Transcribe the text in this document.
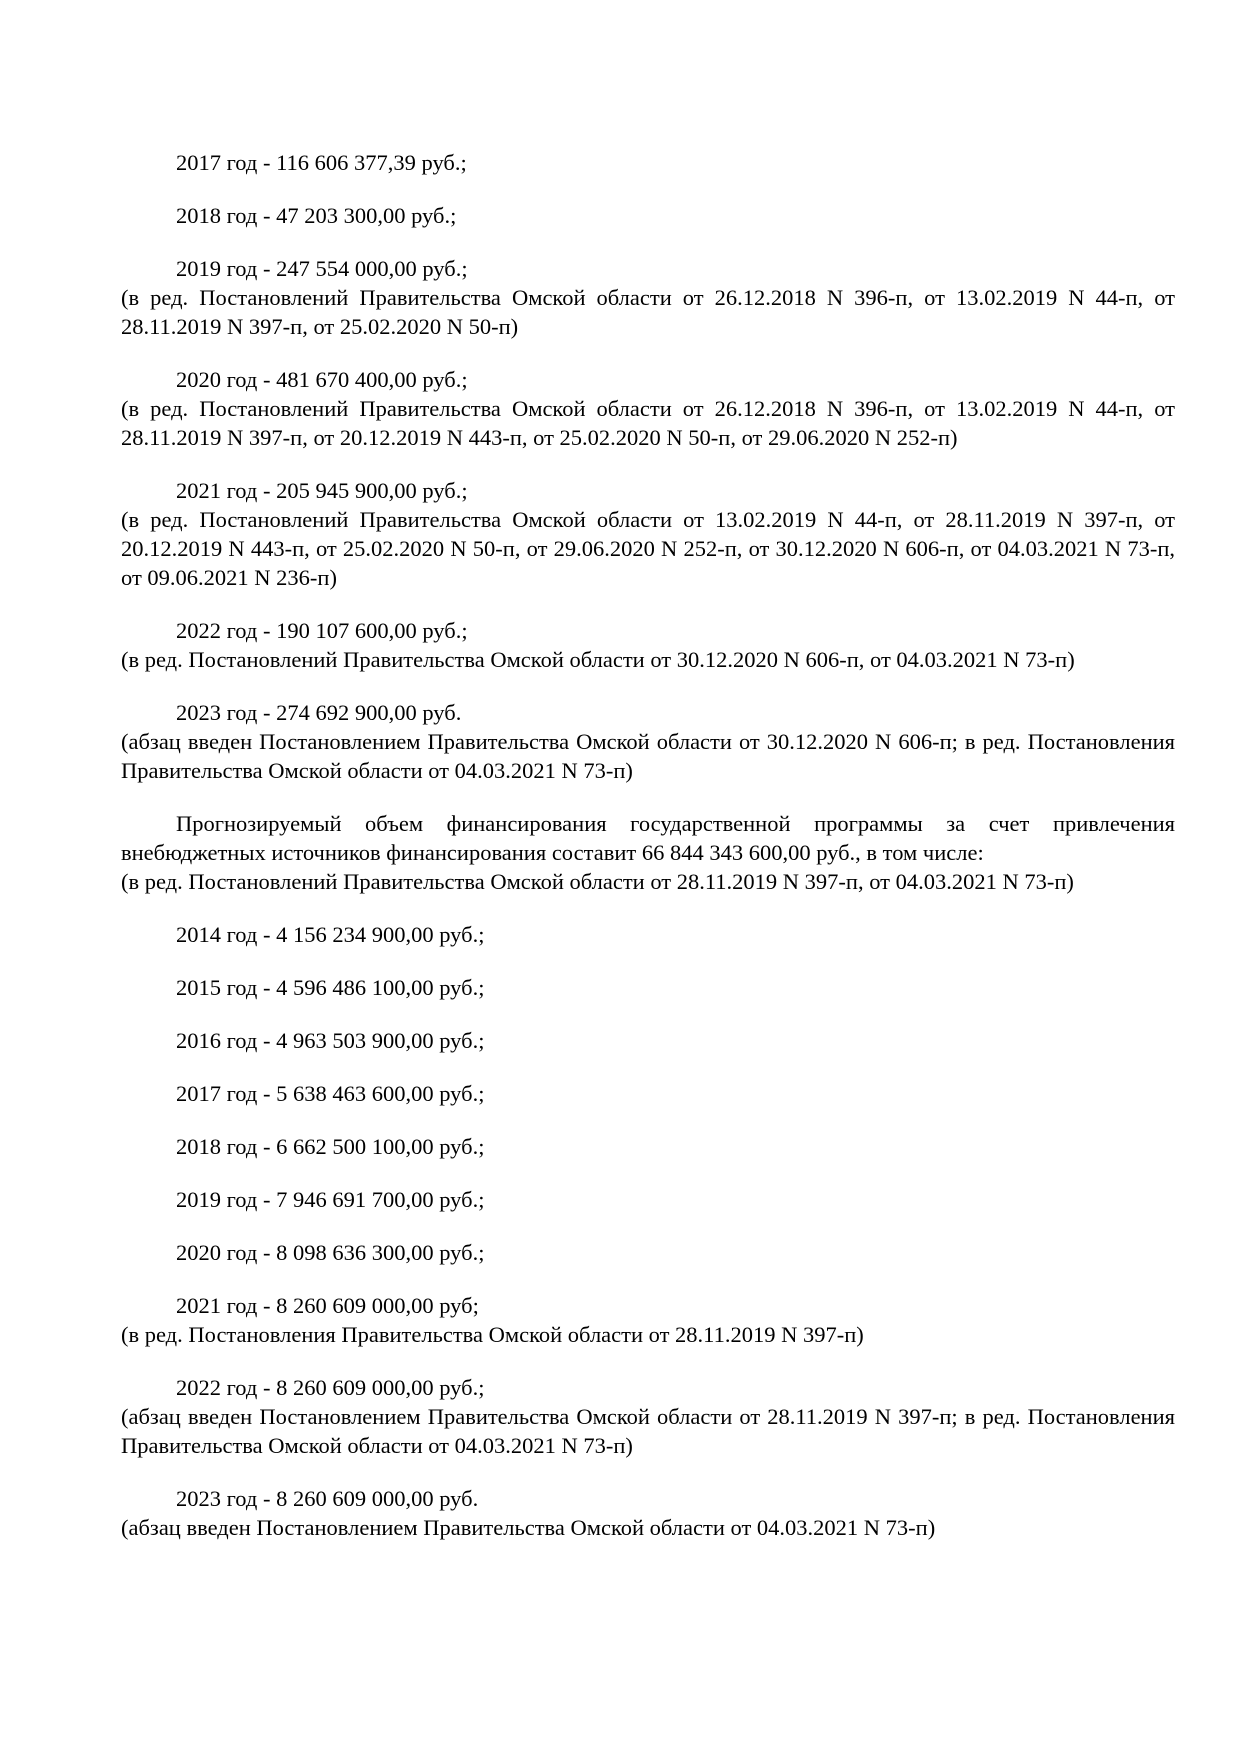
2017 год - 116 606 377,39 руб.;

2018 год - 47 203 300,00 руб.;

2019 год - 247 554 000,00 руб.;

(в ред. Постановлений Правительства Омской области от 26.12.2018 N 396-п, от 13.02.2019 N 44-п, от 28.11.2019 N 397-п, от 25.02.2020 N 50-п)

2020 год - 481 670 400,00 руб.;

(в ред. Постановлений Правительства Омской области от 26.12.2018 N 396-п, от 13.02.2019 N 44-п, от 28.11.2019 N 397-п, от 20.12.2019 N 443-п, от 25.02.2020 N 50-п, от 29.06.2020 N 252-п)

2021 год - 205 945 900,00 руб.;

(в ред. Постановлений Правительства Омской области от 13.02.2019 N 44-п, от 28.11.2019 N 397-п, от 20.12.2019 N 443-п, от 25.02.2020 N 50-п, от 29.06.2020 N 252-п, от 30.12.2020 N 606-п, от 04.03.2021 N 73-п, от 09.06.2021 N 236-п)

2022 год - 190 107 600,00 руб.;

(в ред. Постановлений Правительства Омской области от 30.12.2020 N 606-п, от 04.03.2021 N 73-п)

2023 год - 274 692 900,00 руб.

(абзац введен Постановлением Правительства Омской области от 30.12.2020 N 606-п; в ред. Постановления Правительства Омской области от 04.03.2021 N 73-п)

Прогнозируемый объем финансирования государственной программы за счет привлечения внебюджетных источников финансирования составит 66 844 343 600,00 руб., в том числе:

(в ред. Постановлений Правительства Омской области от 28.11.2019 N 397-п, от 04.03.2021 N 73-п)

2014 год - 4 156 234 900,00 руб.;

2015 год - 4 596 486 100,00 руб.;

2016 год - 4 963 503 900,00 руб.;

2017 год - 5 638 463 600,00 руб.;

2018 год - 6 662 500 100,00 руб.;

2019 год - 7 946 691 700,00 руб.;

2020 год - 8 098 636 300,00 руб.;

2021 год - 8 260 609 000,00 руб;

(в ред. Постановления Правительства Омской области от 28.11.2019 N 397-п)

2022 год - 8 260 609 000,00 руб.;

(абзац введен Постановлением Правительства Омской области от 28.11.2019 N 397-п; в ред. Постановления Правительства Омской области от 04.03.2021 N 73-п)

2023 год - 8 260 609 000,00 руб.

(абзац введен Постановлением Правительства Омской области от 04.03.2021 N 73-п)
